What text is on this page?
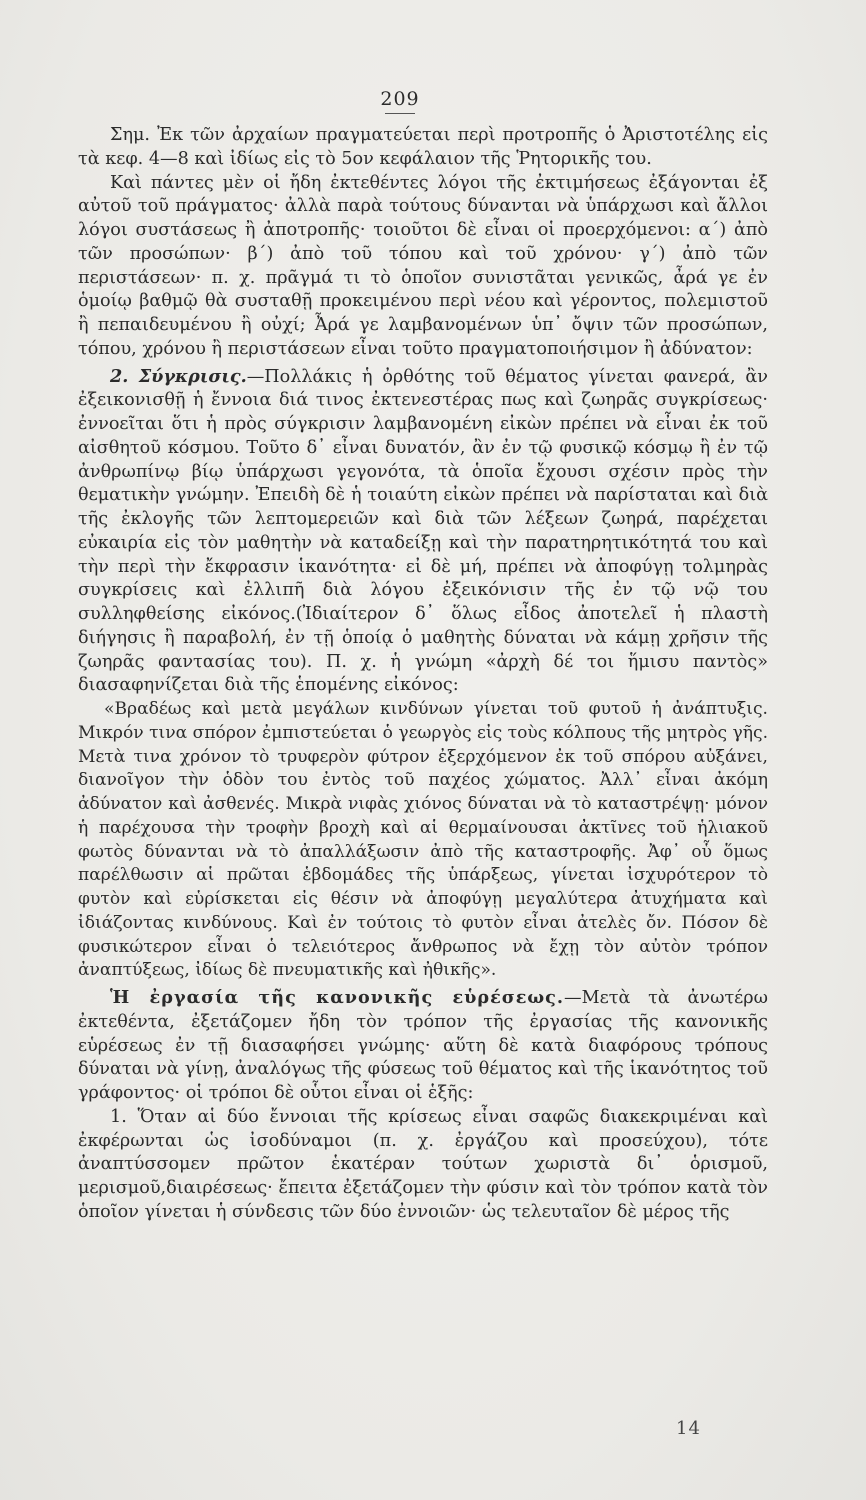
209

Σημ. Ἐκ τῶν ἀρχαίων πραγματεύεται περὶ προτροπῆς ὁ Ἀριστοτέλης εἰς τὰ κεφ. 4—8 καὶ ἰδίως εἰς τὸ 5ον κεφάλαιον τῆς Ῥητορικῆς του.

Καὶ πάντες μὲν οἱ ἤδη ἐκτεθέντες λόγοι τῆς ἐκτιμήσεως ἐξάγονται ἐξ αὐτοῦ τοῦ πράγματος· ἀλλὰ παρὰ τούτους δύνανται νὰ ὑπάρχωσι καὶ ἄλλοι λόγοι συστάσεως ἢ ἀποτροπῆς· τοιοῦτοι δὲ εἶναι οἱ προερχόμενοι: α΄) ἀπὸ τῶν προσώπων· β΄) ἀπὸ τοῦ τόπου καὶ τοῦ χρόνου· γ΄) ἀπὸ τῶν περιστάσεων· π. χ. πρᾶγμά τι τὸ ὁποῖον συνιστᾶται γενικῶς, ἆρά γε ἐν ὁμοίῳ βαθμῷ θὰ συσταθῇ προκειμένου περὶ νέου καὶ γέροντος, πολεμιστοῦ ἢ πεπαιδευμένου ἢ οὐχί; Ἆρά γε λαμβανομένων ὑπ᾽ ὄψιν τῶν προσώπων, τόπου, χρόνου ἢ περιστάσεων εἶναι τοῦτο πραγματοποιήσιμον ἢ ἀδύνατον:

2. Σύγκρισις.—Πολλάκις ἡ ὀρθότης τοῦ θέματος γίνεται φανερά, ἂν ἐξεικονισθῇ ἡ ἔννοια διά τινος ἐκτενεστέρας πως καὶ ζωηρᾶς συγκρίσεως· ἐννοεῖται ὅτι ἡ πρὸς σύγκρισιν λαμβανομένη εἰκὼν πρέπει νὰ εἶναι ἐκ τοῦ αἰσθητοῦ κόσμου. Τοῦτο δ᾽ εἶναι δυνατόν, ἂν ἐν τῷ φυσικῷ κόσμῳ ἢ ἐν τῷ ἀνθρωπίνῳ βίῳ ὑπάρχωσι γεγονότα, τὰ ὁποῖα ἔχουσι σχέσιν πρὸς τὴν θεματικὴν γνώμην. Ἐπειδὴ δὲ ἡ τοιαύτη εἰκὼν πρέπει νὰ παρίσταται καὶ διὰ τῆς ἐκλογῆς τῶν λεπτομερειῶν καὶ διὰ τῶν λέξεων ζωηρά, παρέχεται εὐκαιρία εἰς τὸν μαθητὴν νὰ καταδείξῃ καὶ τὴν παρατηρητικότητά του καὶ τὴν περὶ τὴν ἔκφρασιν ἱκανότητα· εἰ δὲ μή, πρέπει νὰ ἀποφύγῃ τολμηρὰς συγκρίσεις καὶ ἐλλιπῆ διὰ λόγου ἐξεικόνισιν τῆς ἐν τῷ νῷ του συλληφθείσης εἰκόνος.(Ἰδιαίτερον δ᾽ ὅλως εἶδος ἀποτελεῖ ἡ πλαστὴ διήγησις ἢ παραβολή, ἐν τῇ ὁποίᾳ ὁ μαθητὴς δύναται νὰ κάμῃ χρῆσιν τῆς ζωηρᾶς φαντασίας του). Π. χ. ἡ γνώμη «ἀρχὴ δέ τοι ἥμισυ παντὸς» διασαφηνίζεται διὰ τῆς ἑπομένης εἰκόνος:

«Βραδέως καὶ μετὰ μεγάλων κινδύνων γίνεται τοῦ φυτοῦ ἡ ἀνάπτυξις. Μικρόν τινα σπόρον ἐμπιστεύεται ὁ γεωργὸς εἰς τοὺς κόλπους τῆς μητρὸς γῆς. Μετὰ τινα χρόνον τὸ τρυφερὸν φύτρον ἐξερχόμενον ἐκ τοῦ σπόρου αὐξάνει, διανοῖγον τὴν ὁδὸν του ἐντὸς τοῦ παχέος χώματος. Ἀλλ᾽ εἶναι ἀκόμη ἀδύνατον καὶ ἀσθενές. Μικρὰ νιφὰς χιόνος δύναται νὰ τὸ καταστρέψῃ· μόνον ἡ παρέχουσα τὴν τροφὴν βροχὴ καὶ αἱ θερμαίνουσαι ἀκτῖνες τοῦ ἡλιακοῦ φωτὸς δύνανται νὰ τὸ ἀπαλλάξωσιν ἀπὸ τῆς καταστροφῆς. Ἀφ᾽ οὗ ὅμως παρέλθωσιν αἱ πρῶται ἑβδομάδες τῆς ὑπάρξεως, γίνεται ἰσχυρότερον τὸ φυτὸν καὶ εὑρίσκεται εἰς θέσιν νὰ ἀποφύγῃ μεγαλύτερα ἀτυχήματα καὶ ἰδιάζοντας κινδύνους. Καὶ ἐν τούτοις τὸ φυτὸν εἶναι ἀτελὲς ὄν. Πόσον δὲ φυσικώτερον εἶναι ὁ τελειότερος ἄνθρωπος νὰ ἔχῃ τὸν αὐτὸν τρόπον ἀναπτύξεως, ἰδίως δὲ πνευματικῆς καὶ ἠθικῆς».

Ἡ ἐργασία τῆς κανονικῆς εὑρέσεως.—Μετὰ τὰ ἀνωτέρω ἐκτεθέντα, ἐξετάζομεν ἤδη τὸν τρόπον τῆς ἐργασίας τῆς κανονικῆς εὑρέσεως ἐν τῇ διασαφήσει γνώμης· αὕτη δὲ κατὰ διαφόρους τρόπους δύναται νὰ γίνῃ, ἀναλόγως τῆς φύσεως τοῦ θέματος καὶ τῆς ἱκανότητος τοῦ γράφοντος· οἱ τρόποι δὲ οὗτοι εἶναι οἱ ἑξῆς:

1. Ὅταν αἱ δύο ἔννοιαι τῆς κρίσεως εἶναι σαφῶς διακεκριμέναι καὶ ἐκφέρωνται ὡς ἰσοδύναμοι (π. χ. ἐργάζου καὶ προσεύχου), τότε ἀναπτύσσομεν πρῶτον ἑκατέραν τούτων χωριστὰ δι᾽ ὁρισμοῦ, μερισμοῦ,διαιρέσεως· ἔπειτα ἐξετάζομεν τὴν φύσιν καὶ τὸν τρόπον κατὰ τὸν ὁποῖον γίνεται ἡ σύνδεσις τῶν δύο ἐννοιῶν· ὡς τελευταῖον δὲ μέρος τῆς

14
